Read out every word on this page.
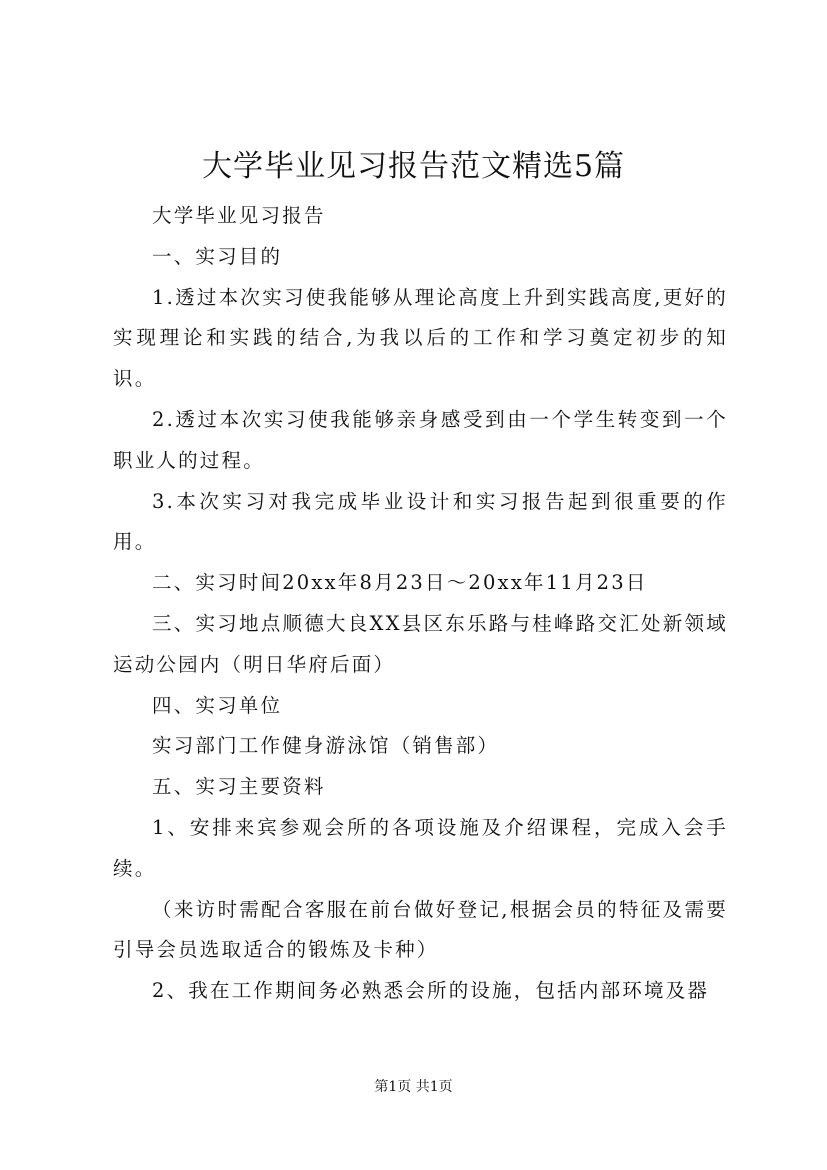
大学毕业见习报告范文精选5篇

大学毕业见习报告

一、实习目的

1.透过本次实习使我能够从理论高度上升到实践高度,更好的实现理论和实践的结合,为我以后的工作和学习奠定初步的知识。

2.透过本次实习使我能够亲身感受到由一个学生转变到一个职业人的过程。

3.本次实习对我完成毕业设计和实习报告起到很重要的作用。

二、实习时间20xx年8月23日～20xx年11月23日

三、实习地点顺德大良XX县区东乐路与桂峰路交汇处新领域运动公园内（明日华府后面）

四、实习单位

实习部门工作健身游泳馆（销售部）

五、实习主要资料

1、安排来宾参观会所的各项设施及介绍课程，完成入会手续。

（来访时需配合客服在前台做好登记,根据会员的特征及需要引导会员选取适合的锻炼及卡种）

2、我在工作期间务必熟悉会所的设施，包括内部环境及器

第1页 共1页
